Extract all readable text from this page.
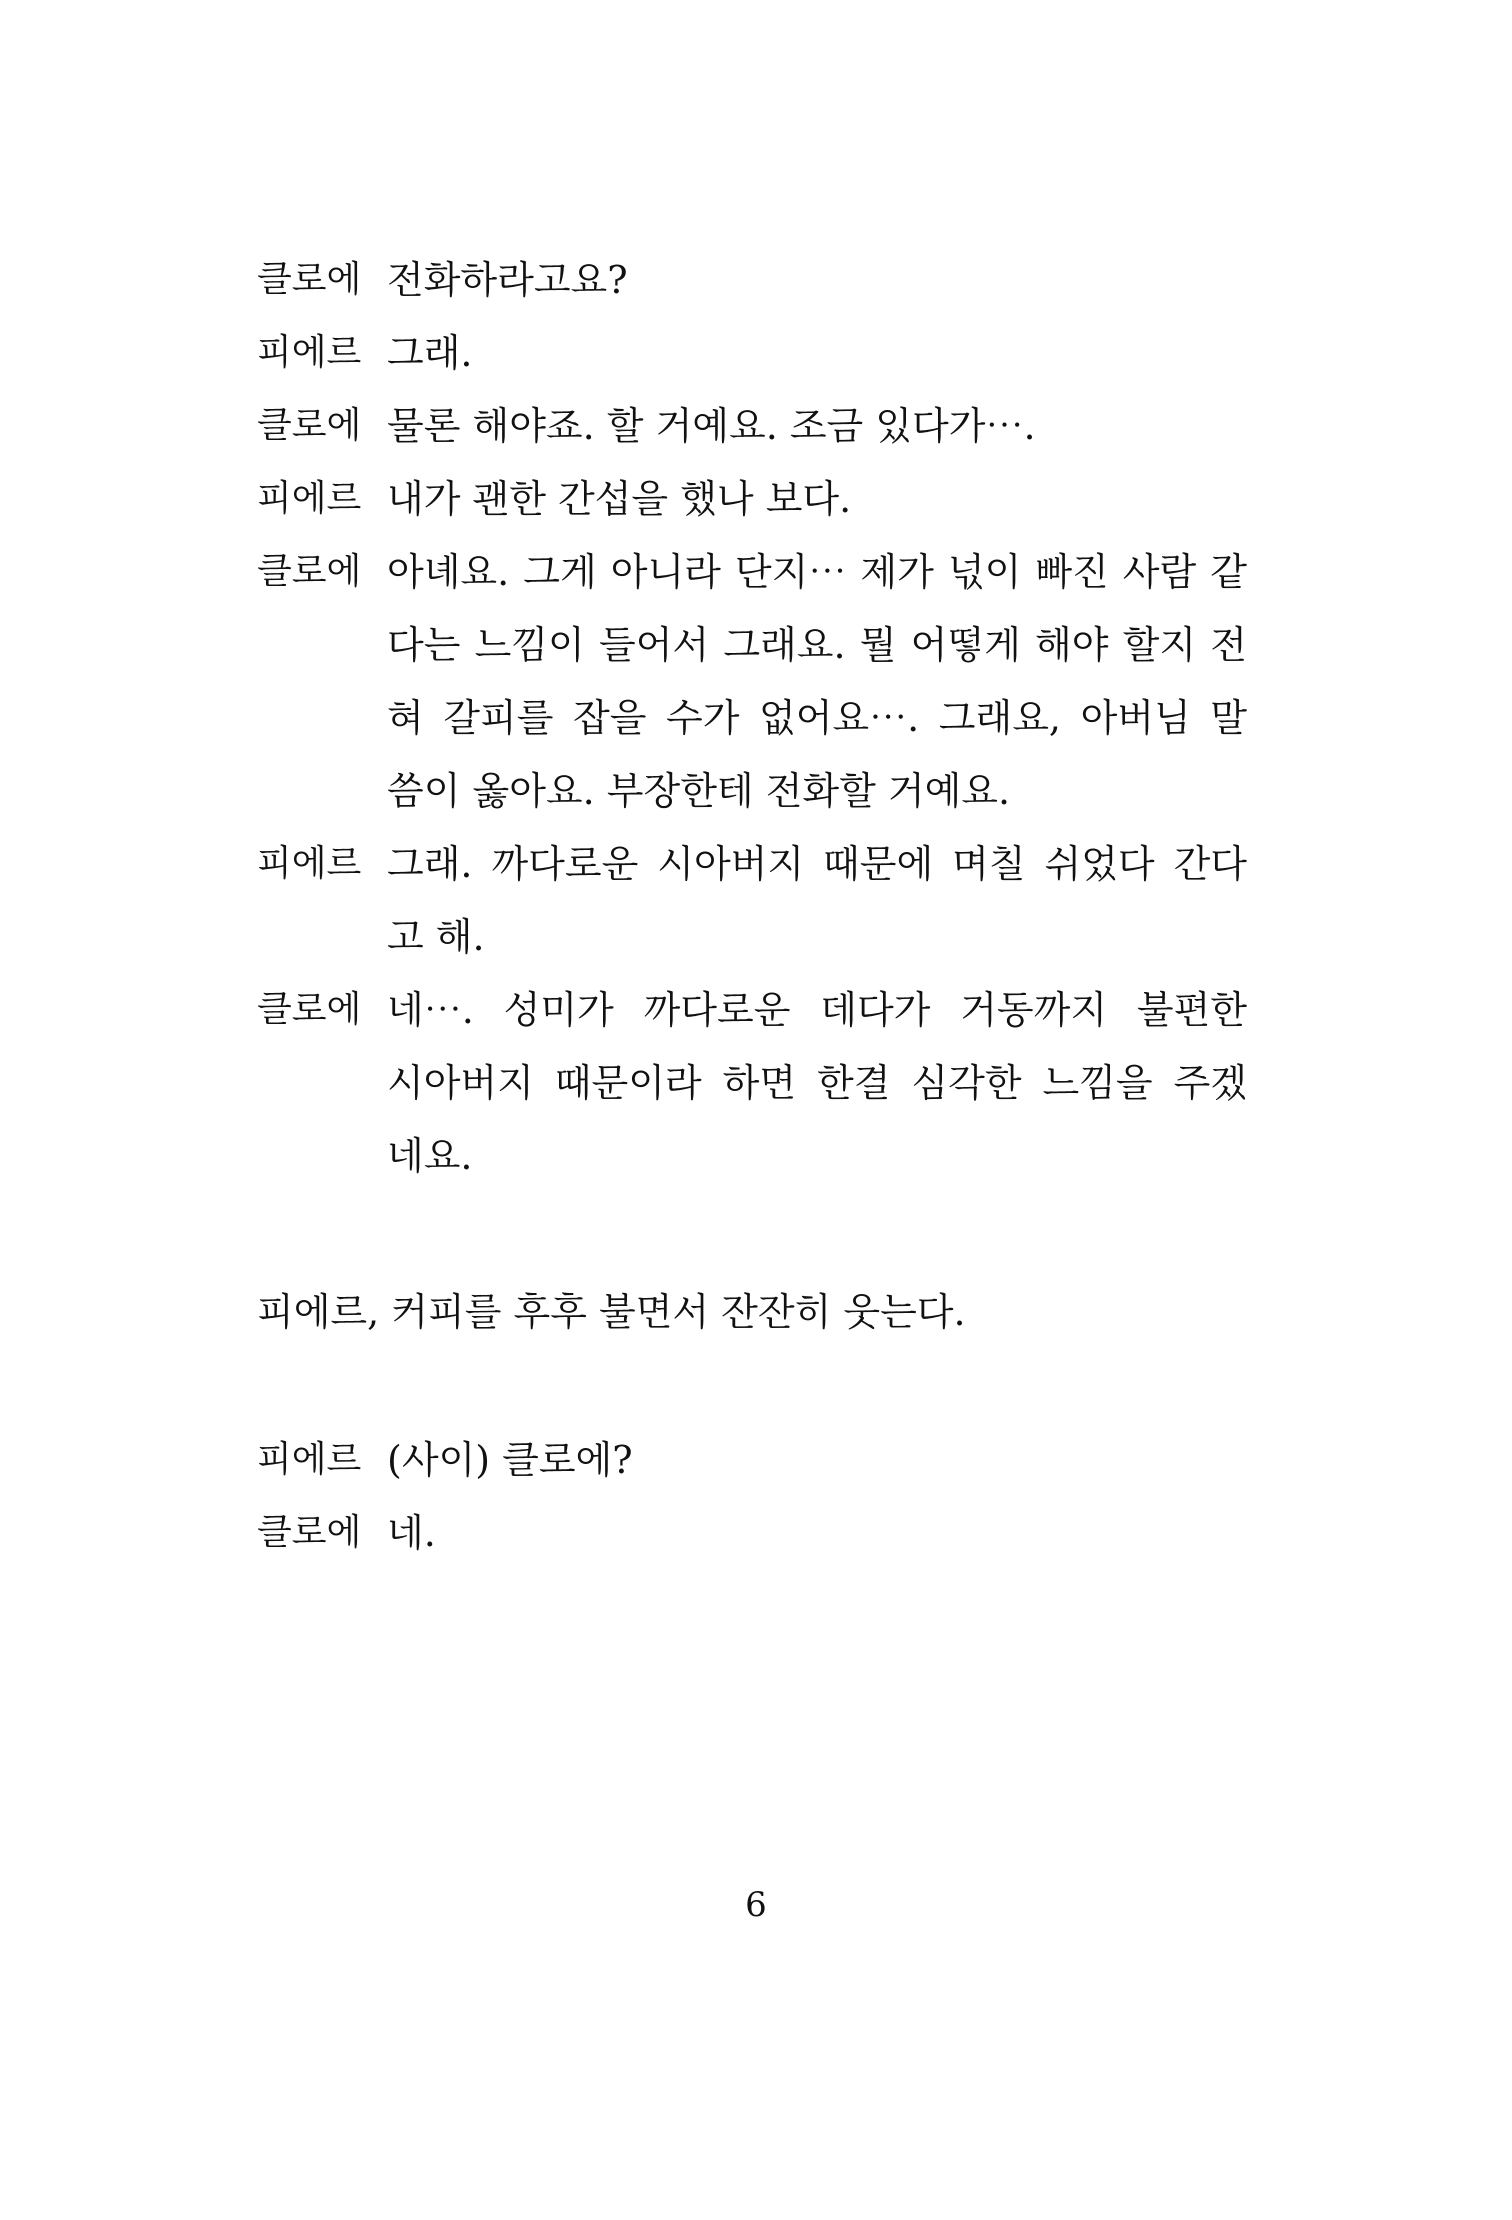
클로에 전화하라고요?
피에르 그래.
클로에 물론 해야죠. 할 거예요. 조금 있다가⋯.
피에르 내가 괜한 간섭을 했나 보다.
클로에 아녜요. 그게 아니라 단지⋯ 제가 넋이 빠진 사람 같
다는 느낌이 들어서 그래요. 뭘 어떻게 해야 할지 전
혀 갈피를 잡을 수가 없어요⋯. 그래요, 아버님 말
씀이 옳아요. 부장한테 전화할 거예요.
피에르 그래. 까다로운 시아버지 때문에 며칠 쉬었다 간다
고 해.
클로에 네⋯. 성미가 까다로운 데다가 거동까지 불편한
시아버지 때문이라 하면 한결 심각한 느낌을 주겠
네요.
피에르, 커피를 후후 불면서 잔잔히 웃는다.
피에르 (사이) 클로에?
클로에 네.
6
